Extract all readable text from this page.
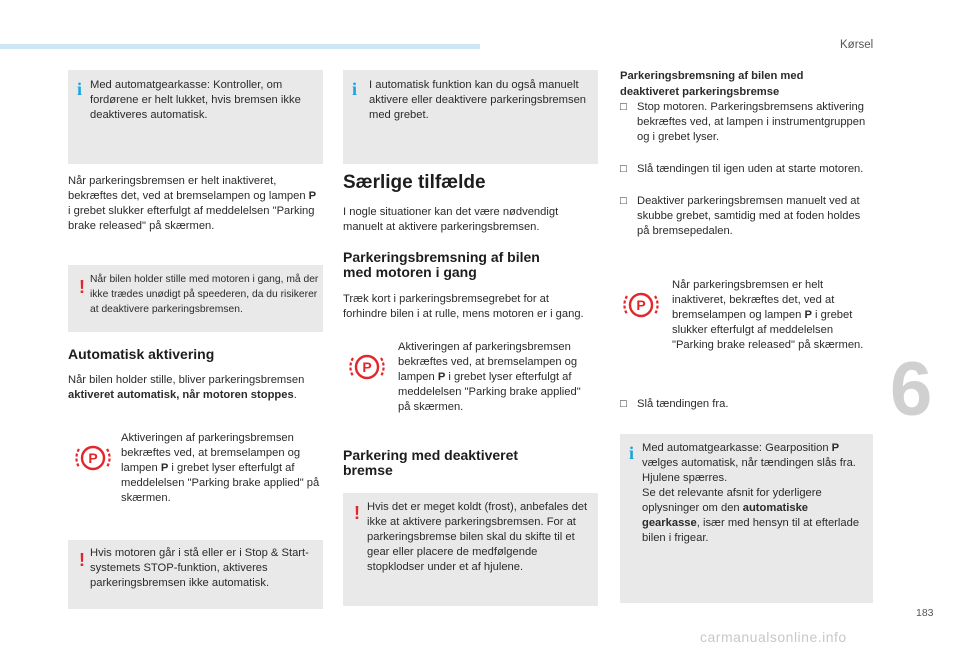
Kørsel
6
183
carmanualsonline.info
i Med automatgearkasse: Kontroller, om fordørene er helt lukket, hvis bremsen ikke deaktiveres automatisk.

Når parkeringsbremsen er helt inaktiveret, bekræftes det, ved at bremselampen og lampen P i grebet slukker efterfulgt af meddelelsen "Parking brake released" på skærmen.

! Når bilen holder stille med motoren i gang, må der ikke trædes unødigt på speederen, da du risikerer at deaktivere parkeringsbremsen.

Automatisk aktivering

Når bilen holder stille, bliver parkeringsbremsen aktiveret automatisk, når motoren stoppes.

P

Aktiveringen af parkeringsbremsen bekræftes ved, at bremselampen og lampen P i grebet lyser efterfulgt af meddelelsen "Parking brake applied" på skærmen.

! Hvis motoren går i stå eller er i Stop & Start-systemets STOP-funktion, aktiveres parkeringsbremsen ikke automatisk.

i I automatisk funktion kan du også manuelt aktivere eller deaktivere parkeringsbremsen med grebet.

Særlige tilfælde

I nogle situationer kan det være nødvendigt manuelt at aktivere parkeringsbremsen.

Parkeringsbremsning af bilen
med motoren i gang

Træk kort i parkeringsbremsegrebet for at forhindre bilen i at rulle, mens motoren er i gang.

P

Aktiveringen af parkeringsbremsen bekræftes ved, at bremselampen og lampen P i grebet lyser efterfulgt af meddelelsen "Parking brake applied" på skærmen.

Parkering med deaktiveret
bremse
! Hvis det er meget koldt (frost), anbefales det ikke at aktivere parkeringsbremsen. For at parkeringsbremse bilen skal du skifte til et gear eller placere de medfølgende stopklodser under et af hjulene.

Parkeringsbremsning af bilen med
deaktiveret parkeringsbremse
□ Stop motoren. Parkeringsbremsens aktivering bekræftes ved, at lampen i instrumentgruppen og i grebet lyser.
□ Slå tændingen til igen uden at starte motoren.
□ Deaktiver parkeringsbremsen manuelt ved at skubbe grebet, samtidig med at foden holdes på bremsepedalen.
P

Når parkeringsbremsen er helt inaktiveret, bekræftes det, ved at bremselampen og lampen P i grebet slukker efterfulgt af meddelelsen "Parking brake released" på skærmen.

□ Slå tændingen fra.
i Med automatgearkasse: Gearposition P vælges automatisk, når tændingen slås fra. Hjulene spærres.
Se det relevante afsnit for yderligere oplysninger om den automatiske gearkasse, især med hensyn til at efterlade bilen i frigear.
